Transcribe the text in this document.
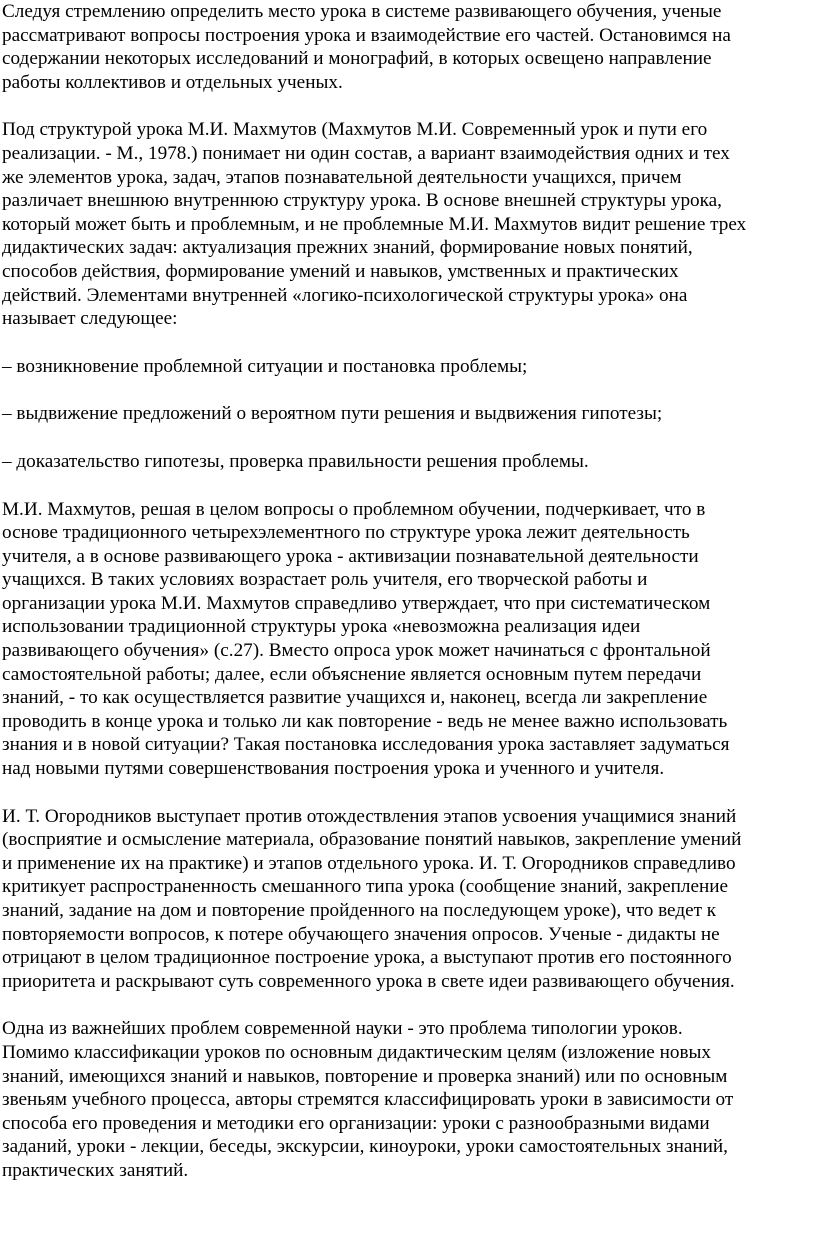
Следуя стремлению определить место урока в системе развивающего обучения, ученые
рассматривают вопросы построения урока и взаимодействие его частей. Остановимся на
содержании некоторых исследований и монографий, в которых освещено направление
работы коллективов и отдельных ученых.

Под структурой урока М.И. Махмутов (Махмутов М.И. Современный урок и пути его
реализации. - М., 1978.) понимает ни один состав, а вариант взаимодействия одних и тех
же элементов урока, задач, этапов познавательной деятельности учащихся, причем
различает внешнюю внутреннюю структуру урока. В основе внешней структуры урока,
который может быть и проблемным, и не проблемные М.И. Махмутов видит решение трех
дидактических задач: актуализация прежних знаний, формирование новых понятий,
способов действия, формирование умений и навыков, умственных и практических
действий. Элементами внутренней «логико-психологической структуры урока» она
называет следующее:

– возникновение проблемной ситуации и постановка проблемы;

– выдвижение предложений о вероятном пути решения и выдвижения гипотезы;

– доказательство гипотезы, проверка правильности решения проблемы.

М.И. Махмутов, решая в целом вопросы о проблемном обучении, подчеркивает, что в
основе традиционного четырехэлементного по структуре урока лежит деятельность
учителя, а в основе развивающего урока - активизации познавательной деятельности
учащихся. В таких условиях возрастает роль учителя, его творческой работы и
организации урока М.И. Махмутов справедливо утверждает, что при систематическом
использовании традиционной структуры урока «невозможна реализация идеи
развивающего обучения» (с.27). Вместо опроса урок может начинаться с фронтальной
самостоятельной работы; далее, если объяснение является основным путем передачи
знаний, - то как осуществляется развитие учащихся и, наконец, всегда ли закрепление
проводить в конце урока и только ли как повторение - ведь не менее важно использовать
знания и в новой ситуации? Такая постановка исследования урока заставляет задуматься
над новыми путями совершенствования построения урока и ученного и учителя.

И. Т. Огородников выступает против отождествления этапов усвоения учащимися знаний
(восприятие и осмысление материала, образование понятий навыков, закрепление умений
и применение их на практике) и этапов отдельного урока. И. Т. Огородников справедливо
критикует распространенность смешанного типа урока (сообщение знаний, закрепление
знаний, задание на дом и повторение пройденного на последующем уроке), что ведет к
повторяемости вопросов, к потере обучающего значения опросов. Ученые - дидакты не
отрицают в целом традиционное построение урока, а выступают против его постоянного
приоритета и раскрывают суть современного урока в свете идеи развивающего обучения.

Одна из важнейших проблем современной науки - это проблема типологии уроков.
Помимо классификации уроков по основным дидактическим целям (изложение новых
знаний, имеющихся знаний и навыков, повторение и проверка знаний) или по основным
звеньям учебного процесса, авторы стремятся классифицировать уроки в зависимости от
способа его проведения и методики его организации: уроки с разнообразными видами
заданий, уроки - лекции, беседы, экскурсии, киноуроки, уроки самостоятельных знаний,
практических занятий.
